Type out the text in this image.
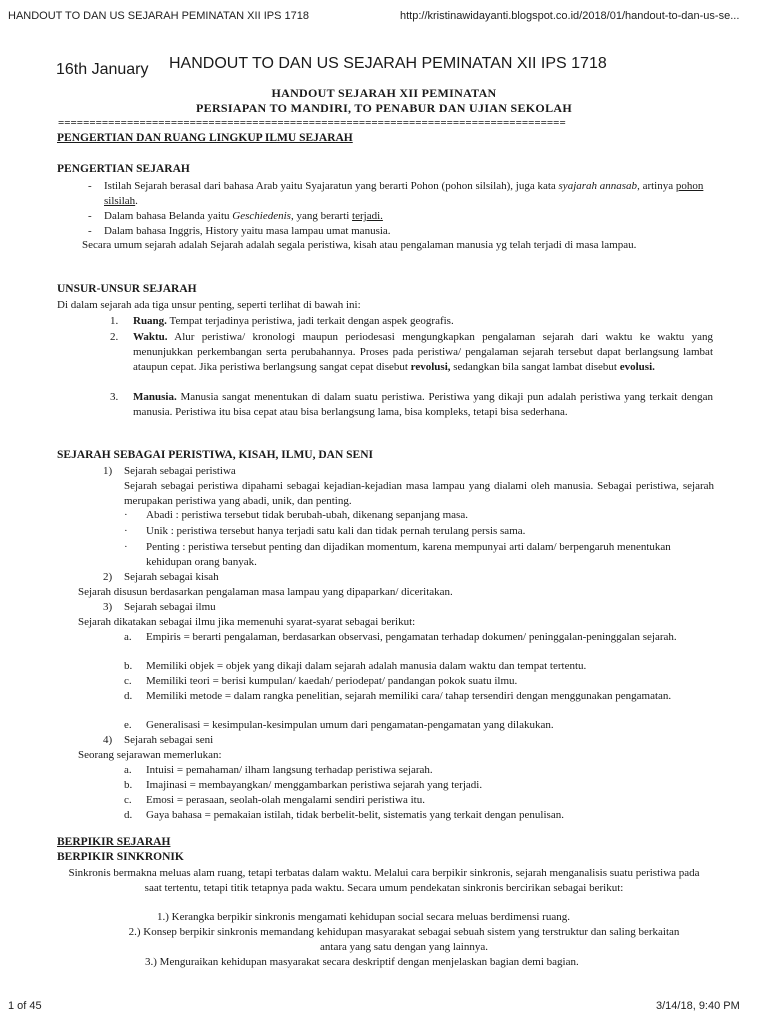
HANDOUT TO DAN US SEJARAH PEMINATAN XII IPS 1718	http://kristinawidayanti.blogspot.co.id/2018/01/handout-to-dan-us-se...
16th January HANDOUT TO DAN US SEJARAH PEMINATAN XII IPS 1718
HANDOUT SEJARAH XII PEMINATAN
PERSIAPAN TO MANDIRI, TO PENABUR DAN UJIAN SEKOLAH
=================================================================================
PENGERTIAN DAN RUANG LINGKUP ILMU SEJARAH
PENGERTIAN SEJARAH
- Istilah Sejarah berasal dari bahasa Arab yaitu Syajaratun yang berarti Pohon (pohon silsilah), juga kata syajarah annasab, artinya pohon silsilah.
- Dalam bahasa Belanda yaitu Geschiedenis, yang berarti terjadi.
- Dalam bahasa Inggris, History yaitu masa lampau umat manusia.
Secara umum sejarah adalah Sejarah adalah segala peristiwa, kisah atau pengalaman manusia yg telah terjadi di masa lampau.
UNSUR-UNSUR SEJARAH
Di dalam sejarah ada tiga unsur penting, seperti terlihat di bawah ini:
1. Ruang. Tempat terjadinya peristiwa, jadi terkait dengan aspek geografis.
2. Waktu. Alur peristiwa/ kronologi maupun periodesasi mengungkapkan pengalaman sejarah dari waktu ke waktu yang menunjukkan perkembangan serta perubahannya. Proses pada peristiwa/ pengalaman sejarah tersebut dapat berlangsung lambat ataupun cepat. Jika peristiwa berlangsung sangat cepat disebut revolusi, sedangkan bila sangat lambat disebut evolusi.
3. Manusia. Manusia sangat menentukan di dalam suatu peristiwa. Peristiwa yang dikaji pun adalah peristiwa yang terkait dengan manusia. Peristiwa itu bisa cepat atau bisa berlangsung lama, bisa kompleks, tetapi bisa sederhana.
SEJARAH SEBAGAI PERISTIWA, KISAH, ILMU, DAN SENI
1) Sejarah sebagai peristiwa
Sejarah sebagai peristiwa dipahami sebagai kejadian-kejadian masa lampau yang dialami oleh manusia. Sebagai peristiwa, sejarah merupakan peristiwa yang abadi, unik, dan penting.
· Abadi : peristiwa tersebut tidak berubah-ubah, dikenang sepanjang masa.
· Unik : peristiwa tersebut hanya terjadi satu kali dan tidak pernah terulang persis sama.
· Penting : peristiwa tersebut penting dan dijadikan momentum, karena mempunyai arti dalam/ berpengaruh menentukan kehidupan orang banyak.
2) Sejarah sebagai kisah
Sejarah disusun berdasarkan pengalaman masa lampau yang dipaparkan/ diceritakan.
3) Sejarah sebagai ilmu
Sejarah dikatakan sebagai ilmu jika memenuhi syarat-syarat sebagai berikut:
a. Empiris = berarti pengalaman, berdasarkan observasi, pengamatan terhadap dokumen/ peninggalan-peninggalan sejarah.
b. Memiliki objek = objek yang dikaji dalam sejarah adalah manusia dalam waktu dan tempat tertentu.
c. Memiliki teori = berisi kumpulan/ kaedah/ periodepat/ pandangan pokok suatu ilmu.
d. Memiliki metode = dalam rangka penelitian, sejarah memiliki cara/ tahap tersendiri dengan menggunakan pengamatan.
e. Generalisasi = kesimpulan-kesimpulan umum dari pengamatan-pengamatan yang dilakukan.
4) Sejarah sebagai seni
Seorang sejarawan memerlukan:
a. Intuisi = pemahaman/ ilham langsung terhadap peristiwa sejarah.
b. Imajinasi = membayangkan/ menggambarkan peristiwa sejarah yang terjadi.
c. Emosi = perasaan, seolah-olah mengalami sendiri peristiwa itu.
d. Gaya bahasa = pemakaian istilah, tidak berbelit-belit, sistematis yang terkait dengan penulisan.
BERPIKIR SEJARAH
BERPIKIR SINKRONIK
Sinkronis bermakna meluas alam ruang, tetapi terbatas dalam waktu. Melalui cara berpikir sinkronis, sejarah menganalisis suatu peristiwa pada saat tertentu, tetapi titik tetapnya pada waktu. Secara umum pendekatan sinkronis bercirikan sebagai berikut:
1.) Kerangka berpikir sinkronis mengamati kehidupan social secara meluas berdimensi ruang.
2.) Konsep berpikir sinkronis memandang kehidupan masyarakat sebagai sebuah sistem yang terstruktur dan saling berkaitan antara yang satu dengan yang lainnya.
3.) Menguraikan kehidupan masyarakat secara deskriptif dengan menjelaskan bagian demi bagian.
1 of 45	3/14/18, 9:40 PM
